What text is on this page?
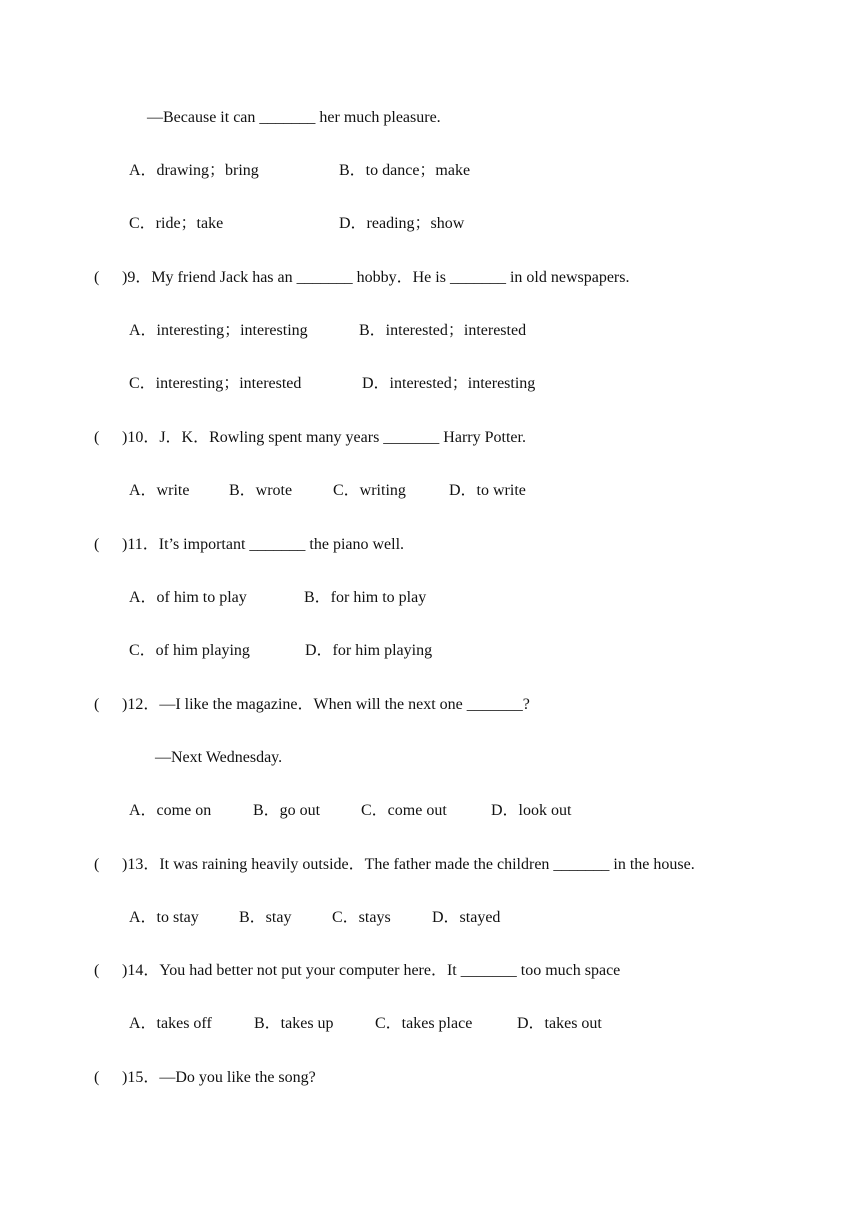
—Because it can _______ her much pleasure.

A．drawing；bring

	B．to dance；make

C．ride；take

	D．reading；show

(

)9．My friend Jack has an _______ hobby．He is _______ in old newspapers.

A．interesting；interesting

	B．interested；interested

C．interesting；interested

	D．interested；interesting

(

)10．J．K．Rowling spent many years _______ Harry Potter.

A．write

B．wrote

	C．writing

	D．to write

(

)11．It’s important _______ the piano well.

A．of him to play

	B．for him to play

C．of him playing

	D．for him playing

(

)12．—I like the magazine．When will the next one _______?

—Next Wednesday.

A．come on

	B．go out

	C．come out

	D．look out

(

)13．It was raining heavily outside．The father made the children _______ in the house.

A．to stay

	B．stay

	C．stays

	D．stayed

(

)14．You had better not put your computer here．It _______ too much space

A．takes off

	B．takes up

	C．takes place

	D．takes out

(

)15．—Do you like the song?
